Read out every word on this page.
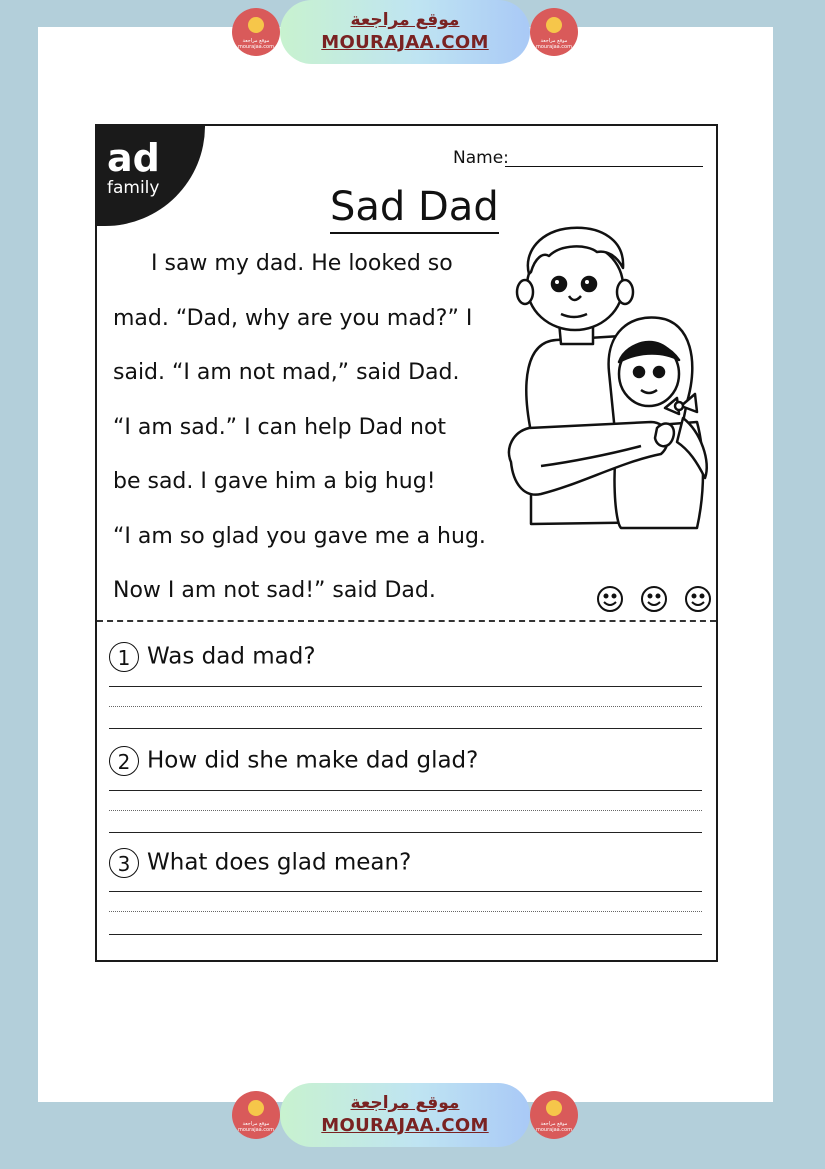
موقع مراجعة mourajaa.com
موقع مراجعة
MOURAJAA.COM	موقع مراجعة mourajaa.com
ad
family
Name:
Sad Dad
I saw my dad. He looked so
mad. “Dad, why are you mad?” I
said. “I am not mad,” said Dad.
“I am sad.” I can help Dad not
be sad. I gave him a big hug!
“I am so glad you gave me a hug.
Now I am not sad!” said Dad.
1 Was dad mad?
2 How did she make dad glad?
3 What does glad mean?
موقع مراجعة mourajaa.com
موقع مراجعة
MOURAJAA.COM	موقع مراجعة mourajaa.com
